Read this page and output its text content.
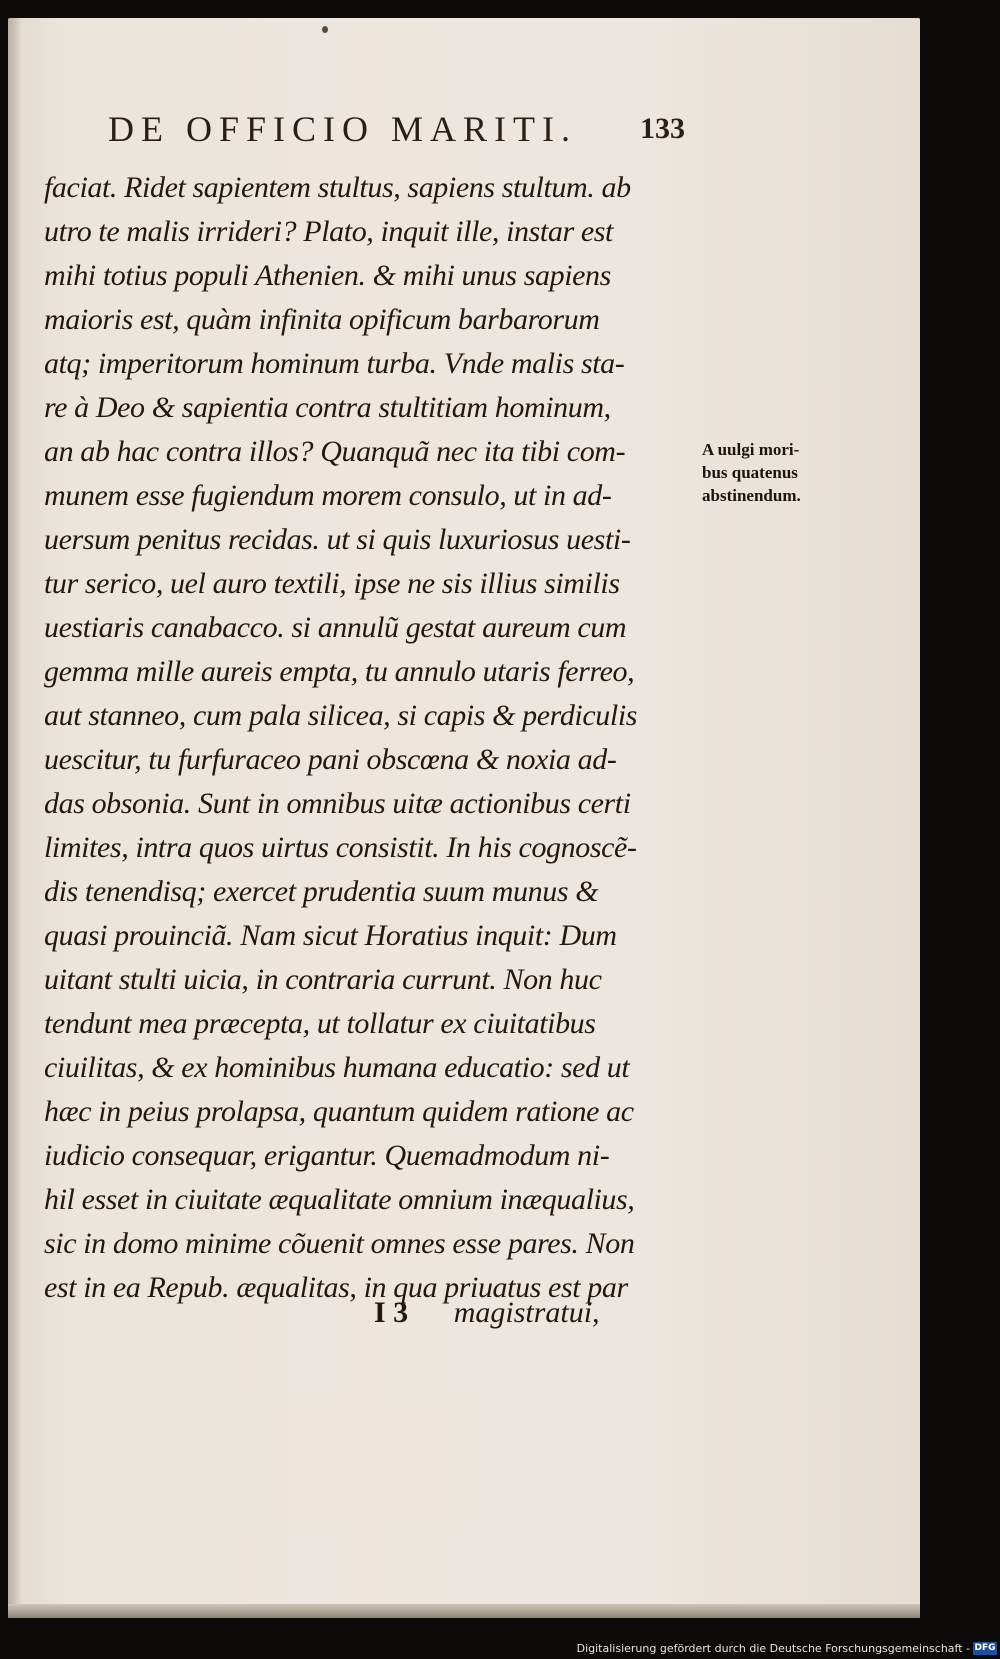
DE OFFICIO MARITI. 133
faciat. Ridet sapientem stultus, sapiens stultum. ab
utro te malis irrideri? Plato, inquit ille, instar est
mihi totius populi Athenien. & mihi unus sapiens
maioris est, quàm infinita opificum barbarorum
atq; imperitorum hominum turba. Vnde malis sta-
re à Deo & sapientia contra stultitiam hominum,
an ab hac contra illos? Quanquã nec ita tibi com-
munem esse fugiendum morem consulo, ut in ad-
uersum penitus recidas. ut si quis luxuriosus uesti-
tur serico, uel auro textili, ipse ne sis illius similis
uestiaris canabacco. si annulũ gestat aureum cum
gemma mille aureis empta, tu annulo utaris ferreo,
aut stanneo, cum pala silicea, si capis & perdiculis
uescitur, tu furfuraceo pani obscœna & noxia ad-
das obsonia. Sunt in omnibus uitæ actionibus certi
limites, intra quos uirtus consistit. In his cognoscẽ-
dis tenendisq; exercet prudentia suum munus &
quasi prouinciã. Nam sicut Horatius inquit: Dum
uitant stulti uicia, in contraria currunt. Non huc
tendunt mea præcepta, ut tollatur ex ciuitatibus
ciuilitas, & ex hominibus humana educatio: sed ut
hæc in peius prolapsa, quantum quidem ratione ac
iudicio consequar, erigantur. Quemadmodum ni-
hil esset in ciuitate æqualitate omnium inæqualius,
sic in domo minime cõuenit omnes esse pares. Non
est in ea Repub. æqualitas, in qua priuatus est par
A uulgi mori-
bus quatenus
abstinendum.
I 3 magistratui,
Digitalisierung gefördert durch die Deutsche Forschungsgemeinschaft - DFG
